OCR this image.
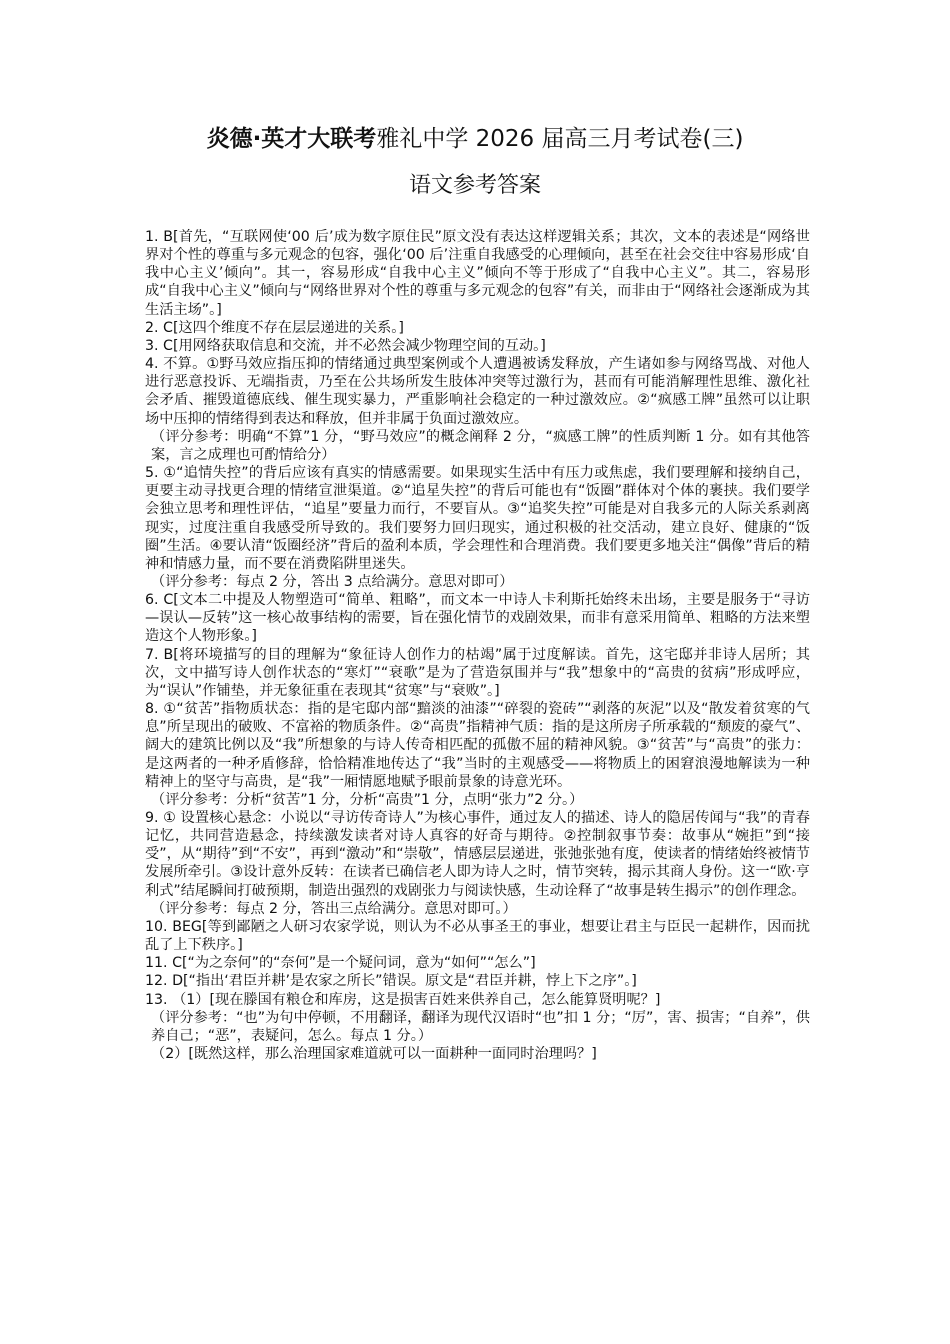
炎德·英才大联考雅礼中学 2026 届高三月考试卷(三)
语文参考答案

1. B[首先，“互联网使‘00 后’成为数字原住民”原文没有表达这样逻辑关系；其次，文本的表述是“网络世界对个性的尊重与多元观念的包容，强化‘00 后’注重自我感受的心理倾向，甚至在社会交往中容易形成‘自我中心主义’倾向”。其一，容易形成“自我中心主义”倾向不等于形成了“自我中心主义”。其二，容易形成“自我中心主义”倾向与“网络世界对个性的尊重与多元观念的包容”有关，而非由于“网络社会逐渐成为其生活主场”。]

2. C[这四个维度不存在层层递进的关系。]

3. C[用网络获取信息和交流，并不必然会减少物理空间的互动。]

4. 不算。①野马效应指压抑的情绪通过典型案例或个人遭遇被诱发释放，产生诸如参与网络骂战、对他人进行恶意投诉、无端指责，乃至在公共场所发生肢体冲突等过激行为，甚而有可能消解理性思维、激化社会矛盾、摧毁道德底线、催生现实暴力，严重影响社会稳定的一种过激效应。②“疯感工牌”虽然可以让职场中压抑的情绪得到表达和释放，但并非属于负面过激效应。

（评分参考：明确“不算”1 分，“野马效应”的概念阐释 2 分，“疯感工牌”的性质判断 1 分。如有其他答案，言之成理也可酌情给分）

5. ①“追情失控”的背后应该有真实的情感需要。如果现实生活中有压力或焦虑，我们要理解和接纳自己，更要主动寻找更合理的情绪宣泄渠道。②“追星失控”的背后可能也有“饭圈”群体对个体的裹挟。我们要学会独立思考和理性评估，“追星”要量力而行，不要盲从。③“追奖失控”可能是对自我多元的人际关系剥离现实，过度注重自我感受所导致的。我们要努力回归现实，通过积极的社交活动，建立良好、健康的“饭圈”生活。④要认清“饭圈经济”背后的盈利本质，学会理性和合理消费。我们要更多地关注“偶像”背后的精神和情感力量，而不要在消费陷阱里迷失。

（评分参考：每点 2 分，答出 3 点给满分。意思对即可）

6. C[文本二中提及人物塑造可“简单、粗略”，而文本一中诗人卡利斯托始终未出场，主要是服务于“寻访—误认—反转”这一核心故事结构的需要，旨在强化情节的戏剧效果，而非有意采用简单、粗略的方法来塑造这个人物形象。]

7. B[将环境描写的目的理解为“象征诗人创作力的枯竭”属于过度解读。首先，这宅邸并非诗人居所；其次，文中描写诗人创作状态的“寒灯”“衰歌”是为了营造氛围并与“我”想象中的“高贵的贫病”形成呼应，为“误认”作铺垫，并无象征重在表现其“贫寒”与“衰败”。]

8. ①“贫苦”指物质状态：指的是宅邸内部“黯淡的油漆”“碎裂的瓷砖”“剥落的灰泥”以及“散发着贫寒的气息”所呈现出的破败、不富裕的物质条件。②“高贵”指精神气质：指的是这所房子所承载的“颓废的豪气”、阔大的建筑比例以及“我”所想象的与诗人传奇相匹配的孤傲不屈的精神风貌。③“贫苦”与“高贵”的张力：是这两者的一种矛盾修辞，恰恰精准地传达了“我”当时的主观感受——将物质上的困窘浪漫地解读为一种精神上的坚守与高贵，是“我”一厢情愿地赋予眼前景象的诗意光环。

（评分参考：分析“贫苦”1 分，分析“高贵”1 分，点明“张力”2 分。）

9. ① 设置核心悬念：小说以“寻访传奇诗人”为核心事件，通过友人的描述、诗人的隐居传闻与“我”的青春记忆，共同营造悬念，持续激发读者对诗人真容的好奇与期待。②控制叙事节奏：故事从“婉拒”到“接受”，从“期待”到“不安”，再到“激动”和“崇敬”，情感层层递进，张弛张弛有度，使读者的情绪始终被情节发展所牵引。③设计意外反转：在读者已确信老人即为诗人之时，情节突转，揭示其商人身份。这一“欧·亨利式”结尾瞬间打破预期，制造出强烈的戏剧张力与阅读快感，生动诠释了“故事是转生揭示”的创作理念。

（评分参考：每点 2 分，答出三点给满分。意思对即可。）

10. BEG[等到鄙陋之人研习农家学说，则认为不必从事圣王的事业，想要让君主与臣民一起耕作，因而扰乱了上下秩序。]

11. C[“为之奈何”的“奈何”是一个疑问词，意为“如何”“怎么”]

12. D[“指出‘君臣并耕’是农家之所长”错误。原文是“君臣并耕，悖上下之序”。]

13. （1）[现在滕国有粮仓和库房，这是损害百姓来供养自己，怎么能算贤明呢？]

（评分参考：“也”为句中停顿，不用翻译，翻译为现代汉语时“也”扣 1 分；“厉”，害、损害；“自养”，供养自己；“恶”，表疑问，怎么。每点 1 分。）

（2）[既然这样，那么治理国家难道就可以一面耕种一面同时治理吗？]
